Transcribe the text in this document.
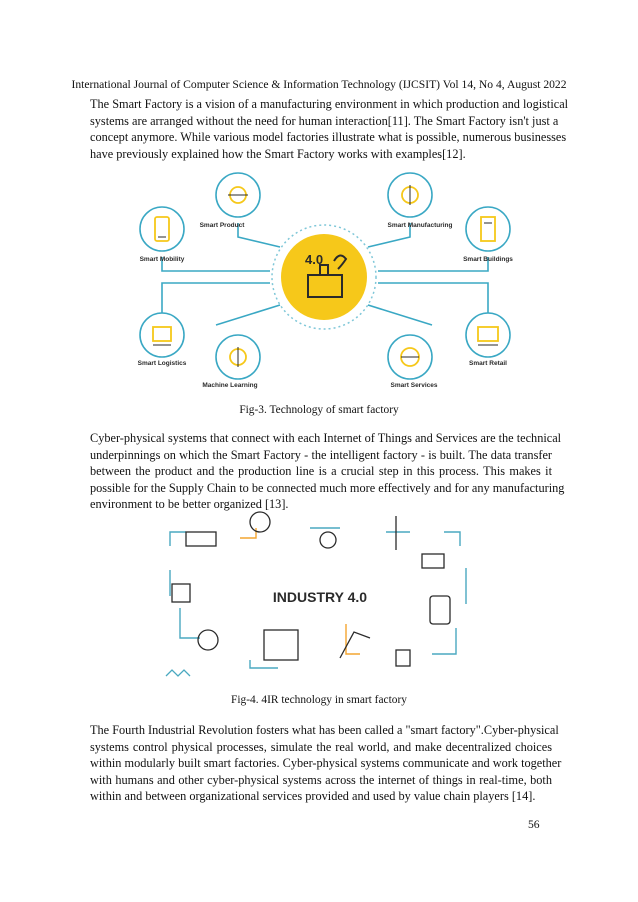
International Journal of Computer Science & Information Technology (IJCSIT) Vol 14, No 4, August 2022

The Smart Factory is a vision of a manufacturing environment in which production and logistical
systems are arranged without the need for human interaction[11]. The Smart Factory isn't just a
concept anymore. While various model factories illustrate what is possible, numerous businesses
have previously explained how the Smart Factory works with examples[12].

4.0
Smart Mobility
Smart Product	Smart Manufacturing
Smart Buildings
Smart Logistics
Machine Learning	Smart Services
Smart Retail
Fig-3. Technology of smart factory

Cyber-physical systems that connect with each Internet of Things and Services are the technical
underpinnings on which the Smart Factory - the intelligent factory - is built. The data transfer
between the product and the production line is a crucial step in this process. This makes it
possible for the Supply Chain to be connected much more effectively and for any manufacturing
environment to be better organized [13].

INDUSTRY 4.0
Fig-4. 4IR technology in smart factory

The Fourth Industrial Revolution fosters what has been called a "smart factory".Cyber-physical
systems control physical processes, simulate the real world, and make decentralized choices
within modularly built smart factories. Cyber-physical systems communicate and work together
with humans and other cyber-physical systems across the internet of things in real-time, both
within and between organizational services provided and used by value chain players [14].

56
